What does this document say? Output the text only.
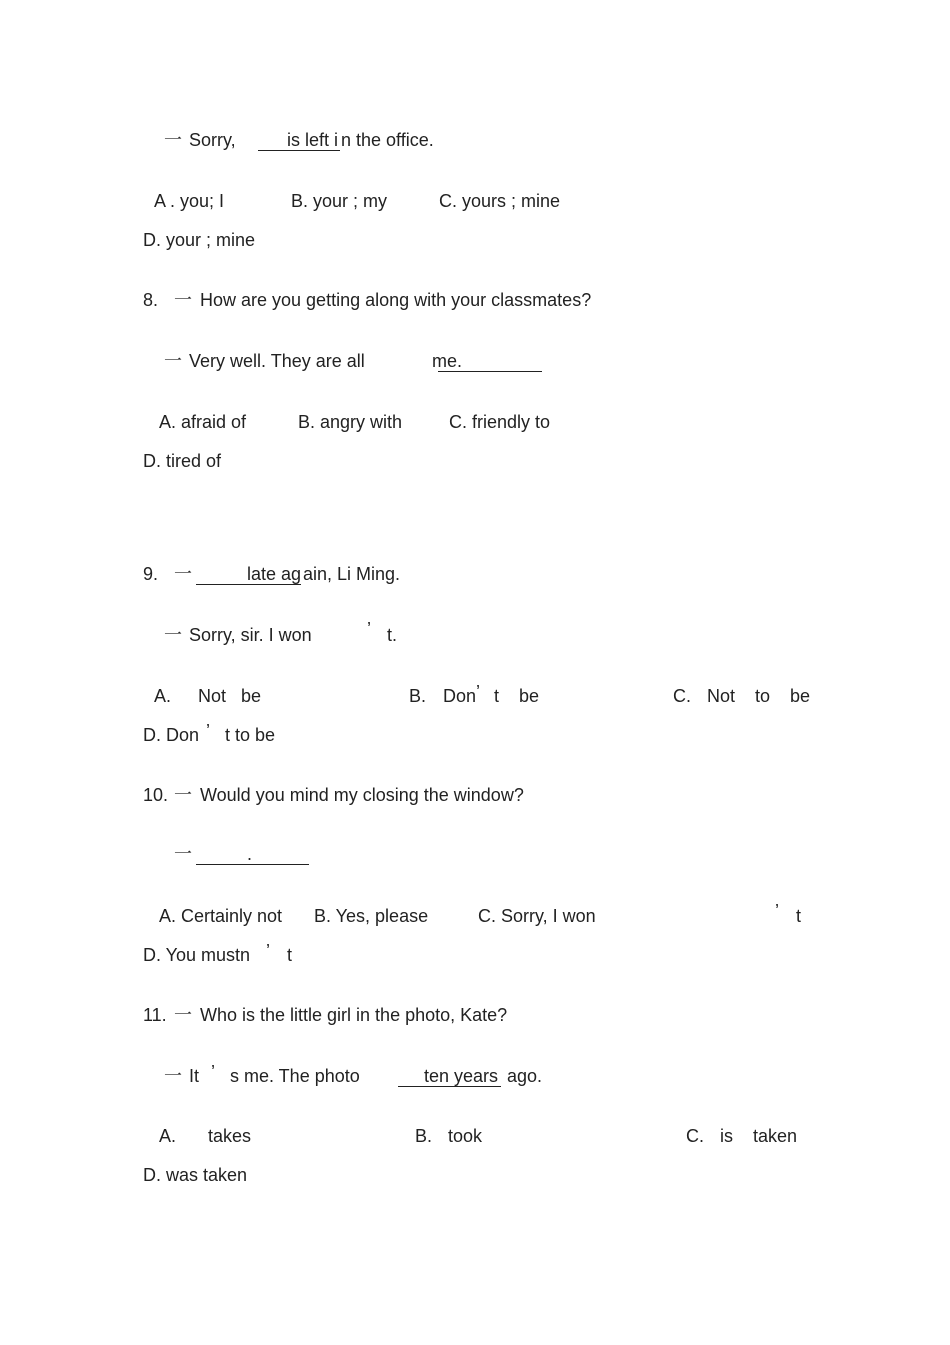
一 Sorry,	is left i n the office.
A . you; I	B. your ; my	C. yours ; mine
D. your ; mine
8. 一 How are you getting along with your classmates?
一 Very well. They are all	m e.
A. afraid of	B. angry with	C. friendly to
D. tired of
9. 一	late ag ain, Li Ming.
一 Sorry, sir. I won	’ t.
A. Not   be	B. Don ’ t    be	C. Not    to    be
D. Don ’ t to be
10. 一 Would you mind my closing the window?
一	.
A. Certainly not B. Yes, please	C. Sorry, I won	’ t
D. You mustn ’ t
11. 一 Who is the little girl in the photo, Kate?
一 It ’ s me. The photo	ten years ago.
A. takes	B. took	C. is    taken
D. was taken
